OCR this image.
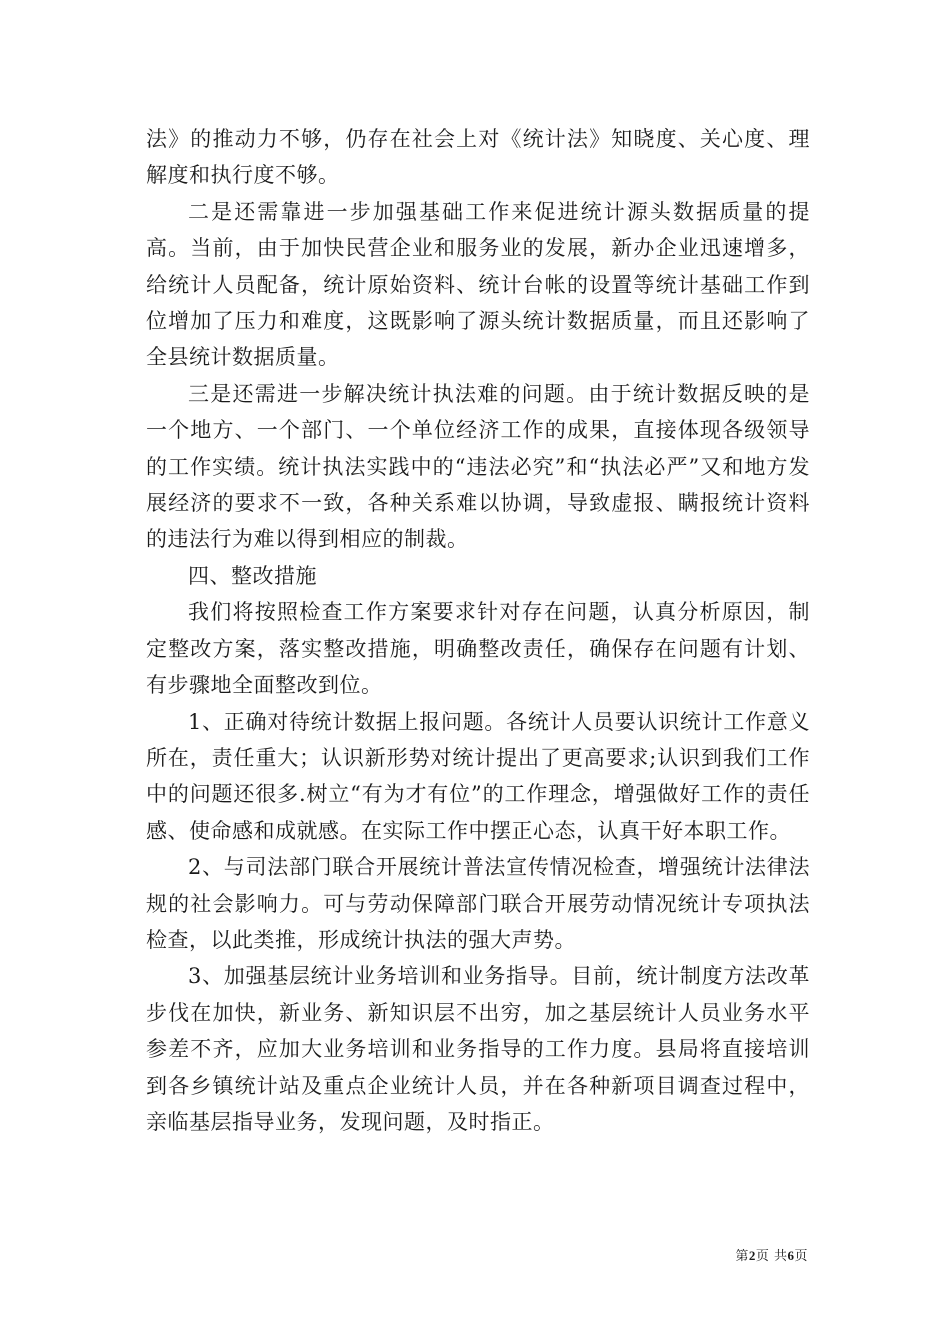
法》的推动力不够，仍存在社会上对《统计法》知晓度、关心度、理解度和执行度不够。

二是还需靠进一步加强基础工作来促进统计源头数据质量的提高。当前，由于加快民营企业和服务业的发展，新办企业迅速增多，给统计人员配备，统计原始资料、统计台帐的设置等统计基础工作到位增加了压力和难度，这既影响了源头统计数据质量，而且还影响了全县统计数据质量。

三是还需进一步解决统计执法难的问题。由于统计数据反映的是一个地方、一个部门、一个单位经济工作的成果，直接体现各级领导的工作实绩。统计执法实践中的“违法必究”和“执法必严”又和地方发展经济的要求不一致，各种关系难以协调，导致虚报、瞒报统计资料的违法行为难以得到相应的制裁。

四、整改措施

我们将按照检查工作方案要求针对存在问题，认真分析原因，制定整改方案，落实整改措施，明确整改责任，确保存在问题有计划、有步骤地全面整改到位。

1、正确对待统计数据上报问题。各统计人员要认识统计工作意义所在，责任重大；认识新形势对统计提出了更高要求;认识到我们工作中的问题还很多.树立“有为才有位”的工作理念，增强做好工作的责任感、使命感和成就感。在实际工作中摆正心态，认真干好本职工作。

2、与司法部门联合开展统计普法宣传情况检查，增强统计法律法规的社会影响力。可与劳动保障部门联合开展劳动情况统计专项执法检查，以此类推，形成统计执法的强大声势。

3、加强基层统计业务培训和业务指导。目前，统计制度方法改革步伐在加快，新业务、新知识层不出穷，加之基层统计人员业务水平参差不齐，应加大业务培训和业务指导的工作力度。县局将直接培训到各乡镇统计站及重点企业统计人员，并在各种新项目调查过程中，亲临基层指导业务，发现问题，及时指正。

第2页 共6页
